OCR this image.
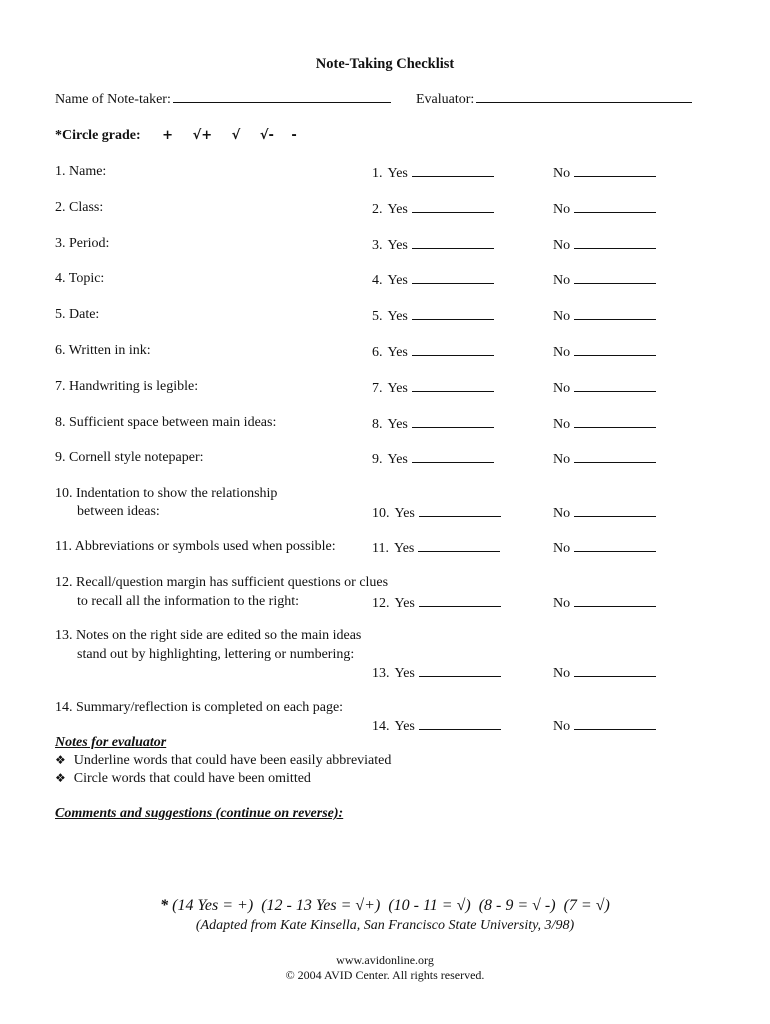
Note-Taking Checklist
Name of Note-taker:	Evaluator:
*Circle grade: + √+ √ √- -
1. Name:	1. Yes	No
2. Class:	2. Yes	No
3. Period:	3. Yes	No
4. Topic:	4. Yes	No
5. Date:	5. Yes	No
6. Written in ink:	6. Yes	No
7. Handwriting is legible:	7. Yes	No
8. Sufficient space between main ideas:	8. Yes	No
9. Cornell style notepaper:	9. Yes	No
10. Indentation to show the relationship
between ideas:	10. Yes	No
11. Abbreviations or symbols used when possible:	11. Yes	No
12. Recall/question margin has sufficient questions or clues
to recall all the information to the right:	12. Yes	No
13. Notes on the right side are edited so the main ideas
stand out by highlighting, lettering or numbering:
13. Yes	No
14. Summary/reflection is completed on each page:
14. Yes	No
Notes for evaluator
❖ Underline words that could have been easily abbreviated
❖ Circle words that could have been omitted
Comments and suggestions (continue on reverse):
* (14 Yes = +) (12 - 13 Yes = √+) (10 - 11 = √) (8 - 9 = √ -) (7 = √)
(Adapted from Kate Kinsella, San Francisco State University, 3/98)
www.avidonline.org
© 2004 AVID Center. All rights reserved.
